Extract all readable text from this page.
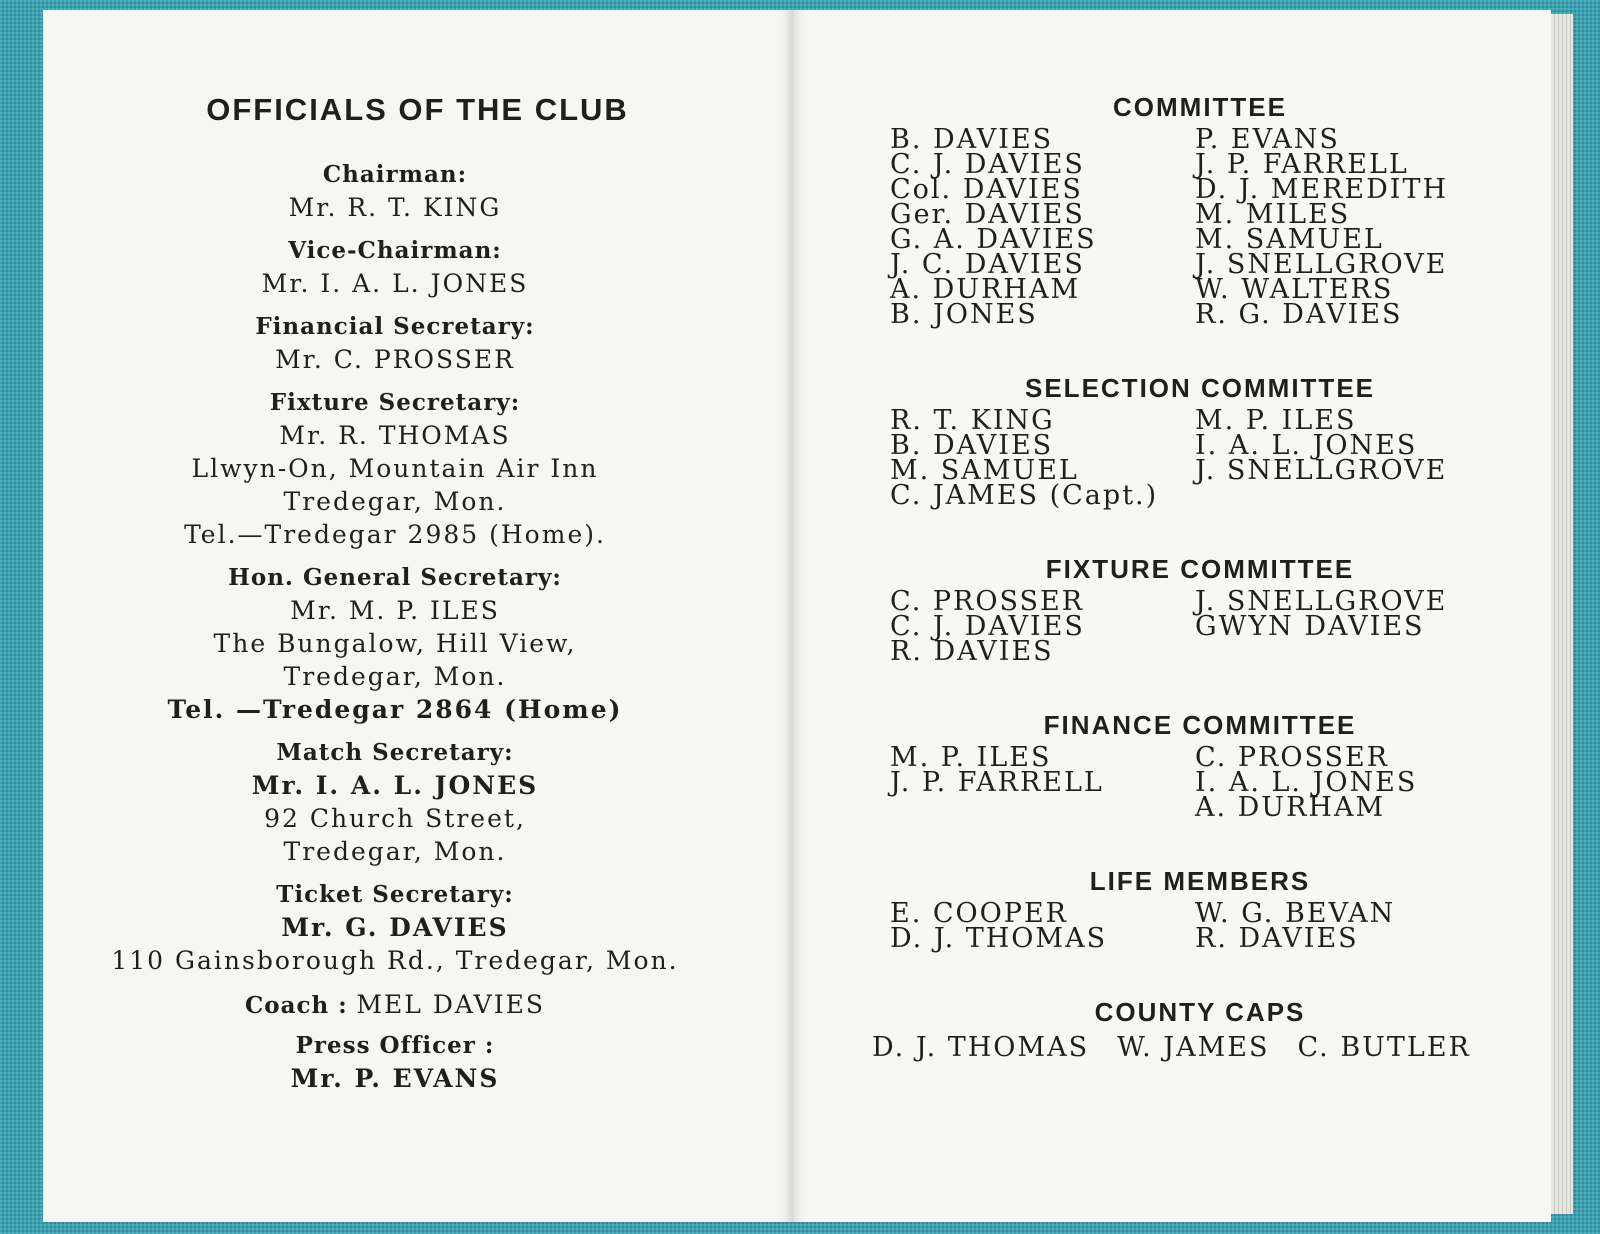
OFFICIALS OF THE CLUB
Chairman:
Mr. R. T. KING
Vice-Chairman:
Mr. I. A. L. JONES
Financial Secretary:
Mr. C. PROSSER
Fixture Secretary:
Mr. R. THOMAS
Llwyn-On, Mountain Air Inn
Tredegar, Mon.
Tel.—Tredegar 2985 (Home).
Hon. General Secretary:
Mr. M. P. ILES
The Bungalow, Hill View,
Tredegar, Mon.
Tel. —Tredegar 2864 (Home)
Match Secretary:
Mr. I. A. L. JONES
92 Church Street,
Tredegar, Mon.
Ticket Secretary:
Mr. G. DAVIES
110 Gainsborough Rd., Tredegar, Mon.
Coach : MEL DAVIES
Press Officer :
Mr. P. EVANS
COMMITTEE
B. DAVIES
C. J. DAVIES
Col. DAVIES
Ger. DAVIES
G. A. DAVIES
J. C. DAVIES
A. DURHAM
B. JONES
P. EVANS
J. P. FARRELL
D. J. MEREDITH
M. MILES
M. SAMUEL
J. SNELLGROVE
W. WALTERS
R. G. DAVIES
SELECTION COMMITTEE
R. T. KING
B. DAVIES
M. SAMUEL
C. JAMES (Capt.)
M. P. ILES
I. A. L. JONES
J. SNELLGROVE
FIXTURE COMMITTEE
C. PROSSER
C. J. DAVIES
R. DAVIES
J. SNELLGROVE
GWYN DAVIES
FINANCE COMMITTEE
M. P. ILES
J. P. FARRELL
C. PROSSER
I. A. L. JONES
A. DURHAM
LIFE MEMBERS
E. COOPER
D. J. THOMAS
W. G. BEVAN
R. DAVIES
COUNTY CAPS
D. J. THOMAS W. JAMES C. BUTLER
